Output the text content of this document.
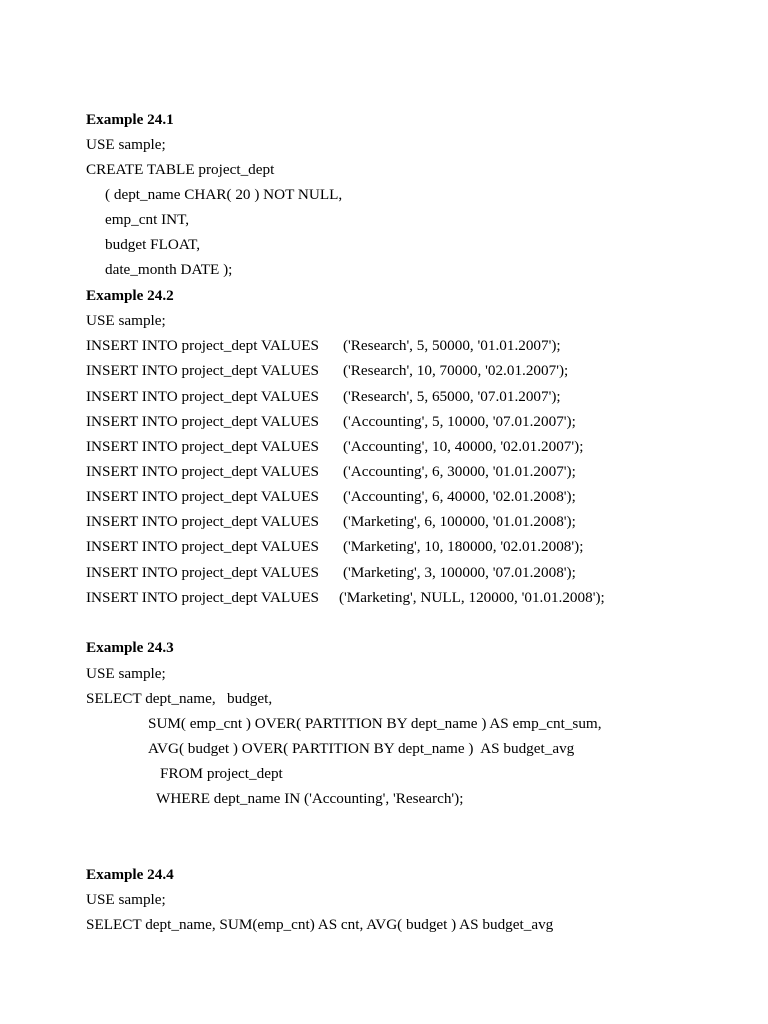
Example 24.1
USE sample;
CREATE TABLE project_dept
( dept_name CHAR( 20 ) NOT NULL,
emp_cnt INT,
budget FLOAT,
date_month DATE );
Example 24.2
USE sample;
INSERT INTO project_dept VALUES ('Research', 5, 50000, '01.01.2007');
INSERT INTO project_dept VALUES ('Research', 10, 70000, '02.01.2007');
INSERT INTO project_dept VALUES ('Research', 5, 65000, '07.01.2007');
INSERT INTO project_dept VALUES ('Accounting', 5, 10000, '07.01.2007');
INSERT INTO project_dept VALUES ('Accounting', 10, 40000, '02.01.2007');
INSERT INTO project_dept VALUES ('Accounting', 6, 30000, '01.01.2007');
INSERT INTO project_dept VALUES ('Accounting', 6, 40000, '02.01.2008');
INSERT INTO project_dept VALUES ('Marketing', 6, 100000, '01.01.2008');
INSERT INTO project_dept VALUES ('Marketing', 10, 180000, '02.01.2008');
INSERT INTO project_dept VALUES ('Marketing', 3, 100000, '07.01.2008');
INSERT INTO project_dept VALUES ('Marketing', NULL, 120000, '01.01.2008');
Example 24.3
USE sample;
SELECT dept_name,   budget,
SUM( emp_cnt ) OVER( PARTITION BY dept_name ) AS emp_cnt_sum,
AVG( budget ) OVER( PARTITION BY dept_name )  AS budget_avg
FROM project_dept
WHERE dept_name IN ('Accounting', 'Research');
Example 24.4
USE sample;
SELECT dept_name, SUM(emp_cnt) AS cnt, AVG( budget ) AS budget_avg
